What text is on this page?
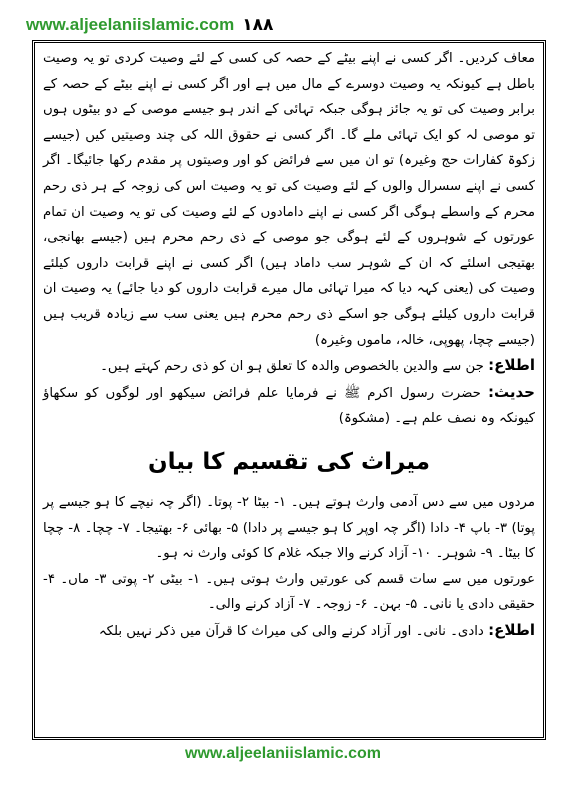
www.aljeelaniislamic.com ۱۸۸

معاف کردیں۔ اگر کسی نے اپنے بیٹے کے حصہ کی کسی کے لئے وصیت کردی تو یہ وصیت باطل ہے کیونکہ یہ وصیت دوسرے کے مال میں ہے اور اگر کسی نے اپنے بیٹے کے حصہ کے برابر وصیت کی تو یہ جائز ہوگی جبکہ تہائی کے اندر ہو جیسے موصی کے دو بیٹوں ہوں تو موصی لہ کو ایک تہائی ملے گا۔ اگر کسی نے حقوق اللہ کی چند وصیتیں کیں (جیسے زکوۃ کفارات حج وغیرہ) تو ان میں سے فرائض کو اور وصیتوں پر مقدم رکھا جائیگا۔ اگر کسی نے اپنے سسرال والوں کے لئے وصیت کی تو یہ وصیت اس کی زوجہ کے ہر ذی رحم محرم کے واسطے ہوگی اگر کسی نے اپنے دامادوں کے لئے وصیت کی تو یہ وصیت ان تمام عورتوں کے شوہروں کے لئے ہوگی جو موصی کے ذی رحم محرم ہیں (جیسے بھانجی، بھتیجی اسلئے کہ ان کے شوہر سب داماد ہیں) اگر کسی نے اپنے قرابت داروں کیلئے وصیت کی (یعنی کہہ دیا کہ میرا تہائی مال میرے قرابت داروں کو دیا جائے) یہ وصیت ان قرابت داروں کیلئے ہوگی جو اسکے ذی رحم محرم ہیں یعنی سب سے زیادہ قریب ہیں (جیسے چچا، پھوپی، خالہ، ماموں وغیرہ)

اطلاع: جن سے والدین بالخصوص والدہ کا تعلق ہو ان کو ذی رحم کہتے ہیں۔

حدیث: حضرت رسول اکرم ﷺ نے فرمایا علم فرائض سیکھو اور لوگوں کو سکھاؤ کیونکہ وہ نصف علم ہے۔ (مشکوۃ)

میراث کی تقسیم کا بیان

مردوں میں سے دس آدمی وارث ہوتے ہیں۔ ۱- بیٹا ۲- پوتا۔ (اگر چہ نیچے کا ہو جیسے پر پوتا) ۳- باپ ۴- دادا (اگر چہ اوپر کا ہو جیسے پر دادا) ۵- بھائی ۶- بھتیجا۔ ۷- چچا۔ ۸- چچا کا بیٹا۔ ۹- شوہر۔ ۱۰- آزاد کرنے والا جبکہ غلام کا کوئی وارث نہ ہو۔

عورتوں میں سے سات قسم کی عورتیں وارث ہوتی ہیں۔ ۱- بیٹی ۲- پوتی ۳- ماں۔ ۴- حقیقی دادی یا نانی۔ ۵- بہن۔ ۶- زوجہ۔ ۷- آزاد کرنے والی۔

اطلاع: دادی۔ نانی۔ اور آزاد کرنے والی کی میراث کا قرآن میں ذکر نہیں بلکہ

www.aljeelaniislamic.com
